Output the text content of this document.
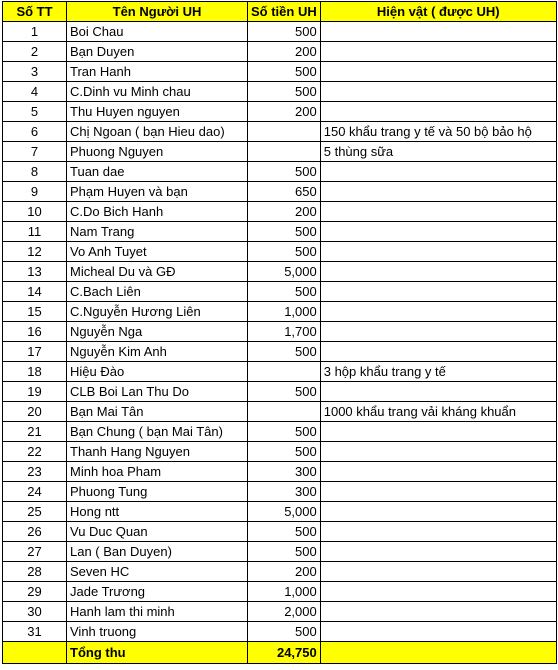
Số TT	Tên Người UH	Số tiền UH	Hiện vật ( được UH)
1	Boi Chau	500	
2	Bạn Duyen	200	
3	Tran Hanh	500	
4	C.Dinh vu Minh chau	500	
5	Thu Huyen nguyen	200	
6	Chị Ngoan ( bạn Hieu dao)		150 khẩu trang y tế và 50 bộ bảo hộ
7	Phuong Nguyen		5 thùng sữa
8	Tuan dae	500	
9	Phạm Huyen và bạn	650	
10	C.Do Bich Hanh	200	
11	Nam Trang	500	
12	Vo Anh Tuyet	500	
13	Micheal Du và GĐ	5,000	
14	C.Bach Liên	500	
15	C.Nguyễn Hương Liên	1,000	
16	Nguyễn Nga	1,700	
17	Nguyễn Kim Anh	500	
18	Hiệu Đào		3 hộp khẩu trang y tế
19	CLB Boi Lan Thu Do	500	
20	Bạn Mai Tân		1000 khẩu trang vải kháng khuẩn
21	Bạn Chung ( bạn Mai Tân)	500	
22	Thanh Hang Nguyen	500	
23	Minh hoa Pham	300	
24	Phuong Tung	300	
25	Hong ntt	5,000	
26	Vu Duc Quan	500	
27	Lan ( Ban Duyen)	500	
28	Seven HC	200	
29	Jade Trương	1,000	
30	Hanh lam thi minh	2,000	
31	Vinh truong	500	
	Tổng thu	24,750	
